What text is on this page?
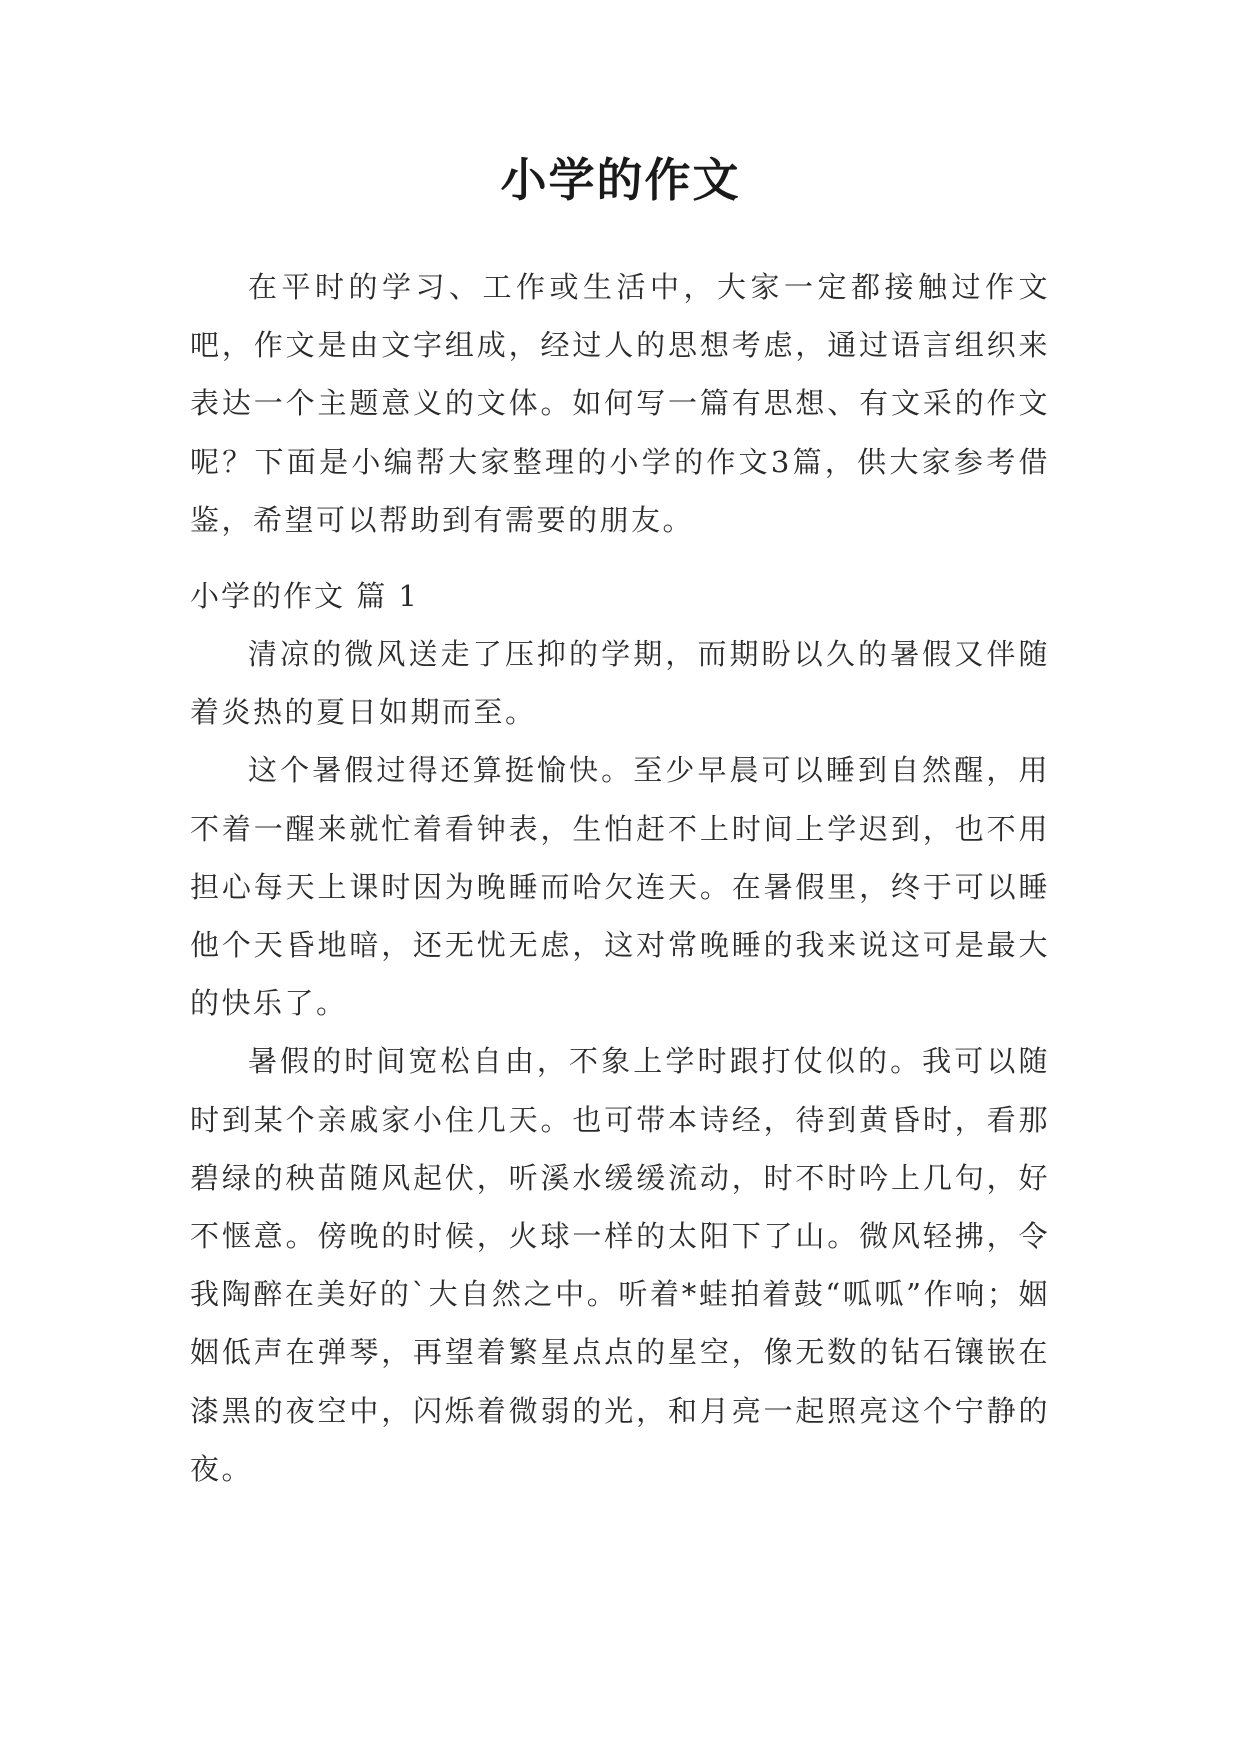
小学的作文

在平时的学习、工作或生活中，大家一定都接触过作文吧，作文是由文字组成，经过人的思想考虑，通过语言组织来表达一个主题意义的文体。如何写一篇有思想、有文采的作文呢？下面是小编帮大家整理的小学的作文3篇，供大家参考借鉴，希望可以帮助到有需要的朋友。

小学的作文 篇 1

清凉的微风送走了压抑的学期，而期盼以久的暑假又伴随着炎热的夏日如期而至。

这个暑假过得还算挺愉快。至少早晨可以睡到自然醒，用不着一醒来就忙着看钟表，生怕赶不上时间上学迟到，也不用担心每天上课时因为晚睡而哈欠连天。在暑假里，终于可以睡他个天昏地暗，还无忧无虑，这对常晚睡的我来说这可是最大的快乐了。

暑假的时间宽松自由，不象上学时跟打仗似的。我可以随时到某个亲戚家小住几天。也可带本诗经，待到黄昏时，看那碧绿的秧苗随风起伏，听溪水缓缓流动，时不时吟上几句，好不惬意。傍晚的时候，火球一样的太阳下了山。微风轻拂，令我陶醉在美好的`大自然之中。听着*蛙拍着鼓“呱呱”作响；姻姻低声在弹琴，再望着繁星点点的星空，像无数的钻石镶嵌在漆黑的夜空中，闪烁着微弱的光，和月亮一起照亮这个宁静的夜。
